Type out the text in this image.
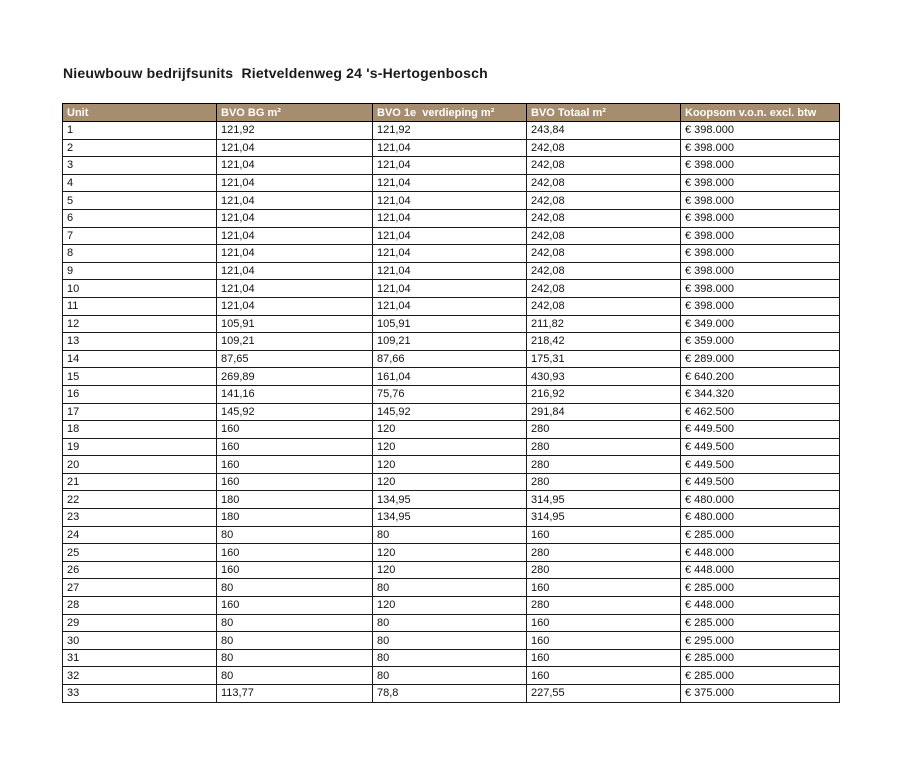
Nieuwbouw bedrijfsunits  Rietveldenweg 24 's-Hertogenbosch
Unit	BVO BG m²	BVO 1e  verdieping m²	BVO Totaal m²	Koopsom v.o.n. excl. btw
1	121,92	121,92	243,84	€ 398.000
2	121,04	121,04	242,08	€ 398.000
3	121,04	121,04	242,08	€ 398.000
4	121,04	121,04	242,08	€ 398.000
5	121,04	121,04	242,08	€ 398.000
6	121,04	121,04	242,08	€ 398.000
7	121,04	121,04	242,08	€ 398.000
8	121,04	121,04	242,08	€ 398.000
9	121,04	121,04	242,08	€ 398.000
10	121,04	121,04	242,08	€ 398.000
11	121,04	121,04	242,08	€ 398.000
12	105,91	105,91	211,82	€ 349.000
13	109,21	109,21	218,42	€ 359.000
14	87,65	87,66	175,31	€ 289.000
15	269,89	161,04	430,93	€ 640.200
16	141,16	75,76	216,92	€ 344.320
17	145,92	145,92	291,84	€ 462.500
18	160	120	280	€ 449.500
19	160	120	280	€ 449.500
20	160	120	280	€ 449.500
21	160	120	280	€ 449.500
22	180	134,95	314,95	€ 480.000
23	180	134,95	314,95	€ 480.000
24	80	80	160	€ 285.000
25	160	120	280	€ 448.000
26	160	120	280	€ 448.000
27	80	80	160	€ 285.000
28	160	120	280	€ 448.000
29	80	80	160	€ 285.000
30	80	80	160	€ 295.000
31	80	80	160	€ 285.000
32	80	80	160	€ 285.000
33	113,77	78,8	227,55	€ 375.000
